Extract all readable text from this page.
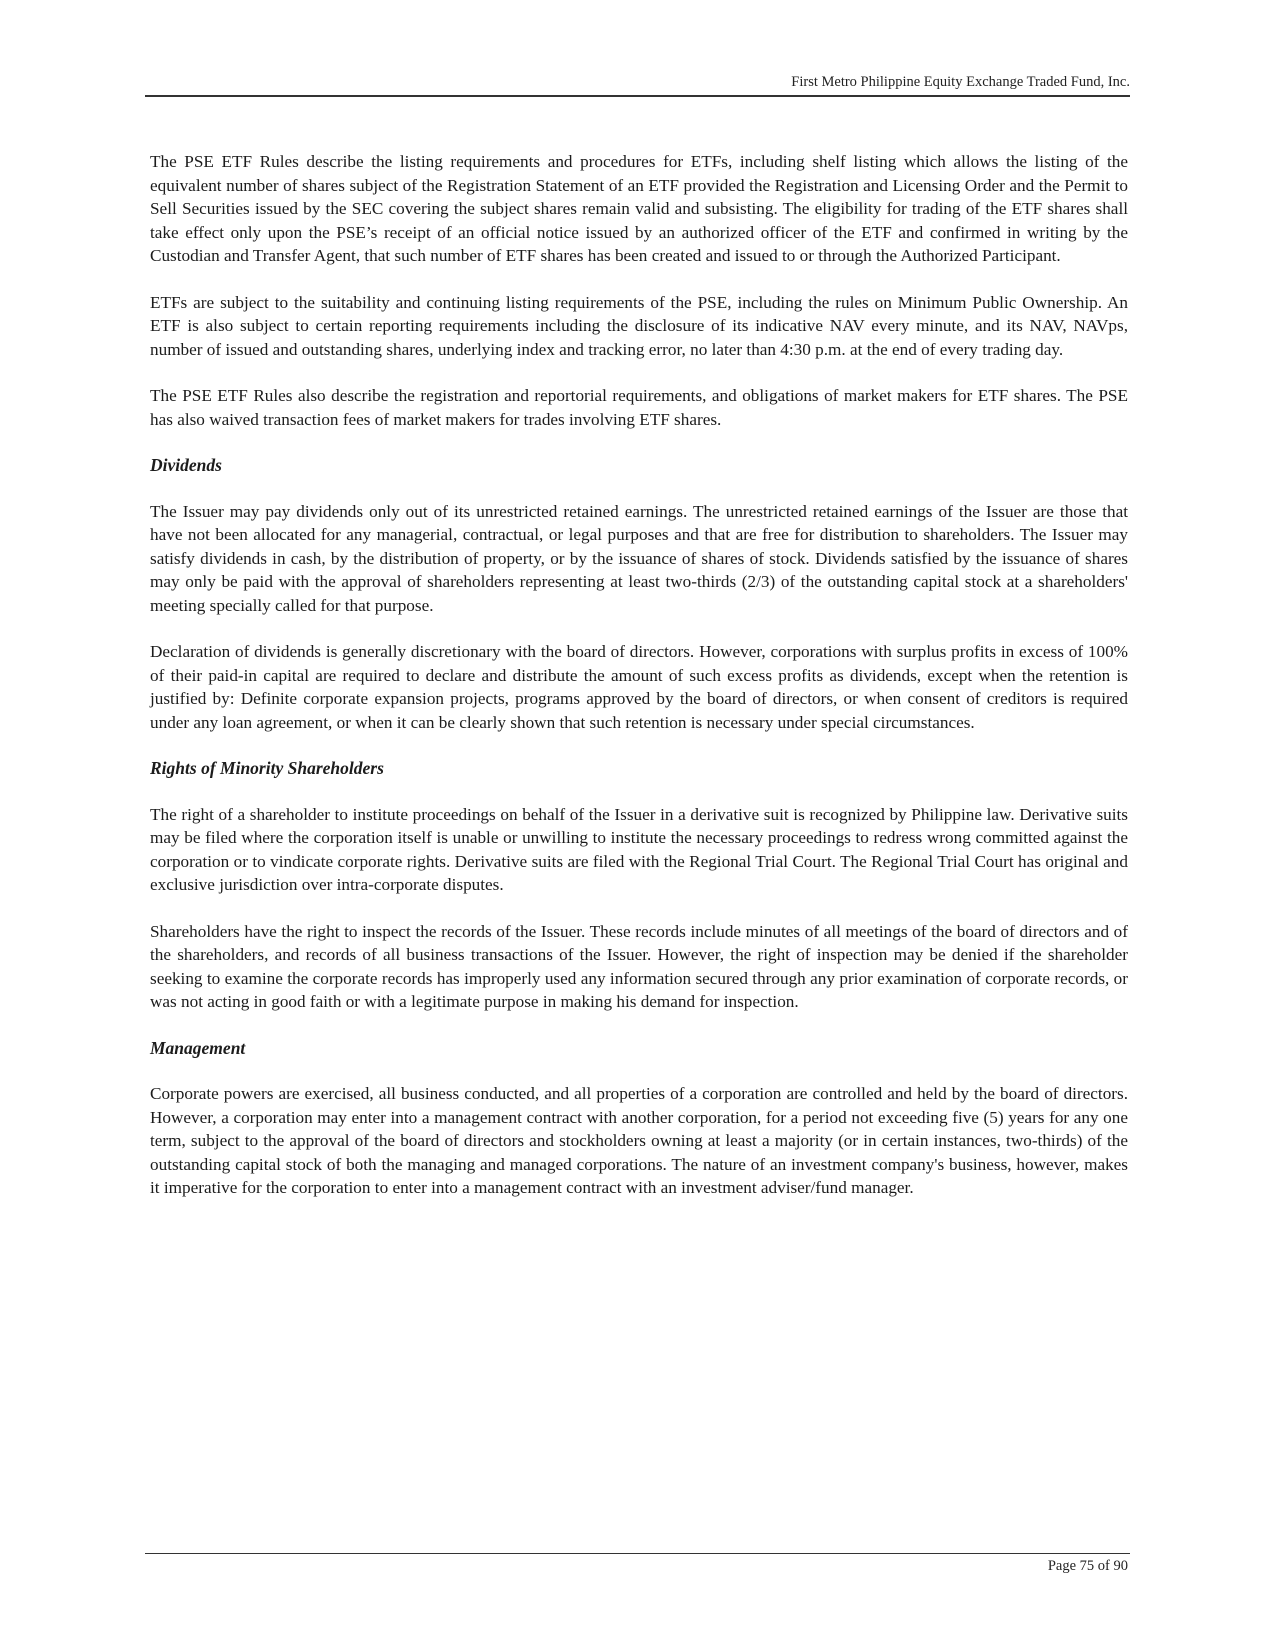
First Metro Philippine Equity Exchange Traded Fund, Inc.

The PSE ETF Rules describe the listing requirements and procedures for ETFs, including shelf listing which allows the listing of the equivalent number of shares subject of the Registration Statement of an ETF provided the Registration and Licensing Order and the Permit to Sell Securities issued by the SEC covering the subject shares remain valid and subsisting. The eligibility for trading of the ETF shares shall take effect only upon the PSE’s receipt of an official notice issued by an authorized officer of the ETF and confirmed in writing by the Custodian and Transfer Agent, that such number of ETF shares has been created and issued to or through the Authorized Participant.

ETFs are subject to the suitability and continuing listing requirements of the PSE, including the rules on Minimum Public Ownership. An ETF is also subject to certain reporting requirements including the disclosure of its indicative NAV every minute, and its NAV, NAVps, number of issued and outstanding shares, underlying index and tracking error, no later than 4:30 p.m. at the end of every trading day.

The PSE ETF Rules also describe the registration and reportorial requirements, and obligations of market makers for ETF shares. The PSE has also waived transaction fees of market makers for trades involving ETF shares.

Dividends

The Issuer may pay dividends only out of its unrestricted retained earnings. The unrestricted retained earnings of the Issuer are those that have not been allocated for any managerial, contractual, or legal purposes and that are free for distribution to shareholders. The Issuer may satisfy dividends in cash, by the distribution of property, or by the issuance of shares of stock. Dividends satisfied by the issuance of shares may only be paid with the approval of shareholders representing at least two-thirds (2/3) of the outstanding capital stock at a shareholders' meeting specially called for that purpose.

Declaration of dividends is generally discretionary with the board of directors. However, corporations with surplus profits in excess of 100% of their paid-in capital are required to declare and distribute the amount of such excess profits as dividends, except when the retention is justified by: Definite corporate expansion projects, programs approved by the board of directors, or when consent of creditors is required under any loan agreement, or when it can be clearly shown that such retention is necessary under special circumstances.

Rights of Minority Shareholders

The right of a shareholder to institute proceedings on behalf of the Issuer in a derivative suit is recognized by Philippine law. Derivative suits may be filed where the corporation itself is unable or unwilling to institute the necessary proceedings to redress wrong committed against the corporation or to vindicate corporate rights. Derivative suits are filed with the Regional Trial Court. The Regional Trial Court has original and exclusive jurisdiction over intra-corporate disputes.

Shareholders have the right to inspect the records of the Issuer. These records include minutes of all meetings of the board of directors and of the shareholders, and records of all business transactions of the Issuer. However, the right of inspection may be denied if the shareholder seeking to examine the corporate records has improperly used any information secured through any prior examination of corporate records, or was not acting in good faith or with a legitimate purpose in making his demand for inspection.

Management

Corporate powers are exercised, all business conducted, and all properties of a corporation are controlled and held by the board of directors. However, a corporation may enter into a management contract with another corporation, for a period not exceeding five (5) years for any one term, subject to the approval of the board of directors and stockholders owning at least a majority (or in certain instances, two-thirds) of the outstanding capital stock of both the managing and managed corporations. The nature of an investment company's business, however, makes it imperative for the corporation to enter into a management contract with an investment adviser/fund manager.

Page 75 of 90
